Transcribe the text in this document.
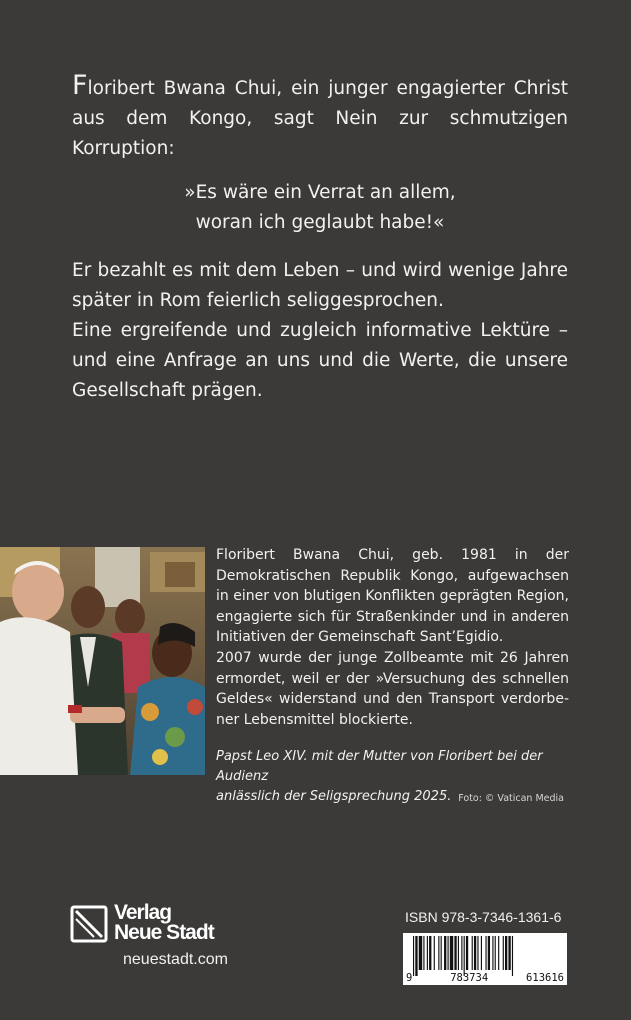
Floribert Bwana Chui, ein junger engagierter Christ aus dem Kongo, sagt Nein zur schmutzigen Korruption:

»Es wäre ein Verrat an allem,
woran ich geglaubt habe!«

Er bezahlt es mit dem Leben – und wird wenige Jahre später in Rom feierlich seliggesprochen.

Eine ergreifende und zugleich informative Lektüre – und eine Anfrage an uns und die Werte, die unsere Gesellschaft prägen.

Floribert Bwana Chui, geb. 1981 in der Demokratischen Republik Kongo, aufgewachsen in einer von blutigen Konflikten geprägten Region, engagierte sich für Straßenkinder und in anderen Initiativen der Gemeinschaft Sant’Egidio.

2007 wurde der junge Zollbeamte mit 26 Jahren ermordet, weil er der »Versuchung des schnellen Geldes« widerstand und den Transport verdorbener Lebensmittel blockierte.

Papst Leo XIV. mit der Mutter von Floribert bei der Audienz
anlässlich der Seligsprechung 2025. Foto: © Vatican Media
Verlag
Neue Stadt
neuestadt.com
ISBN 978-3-7346-1361-6
9	783734	613616
